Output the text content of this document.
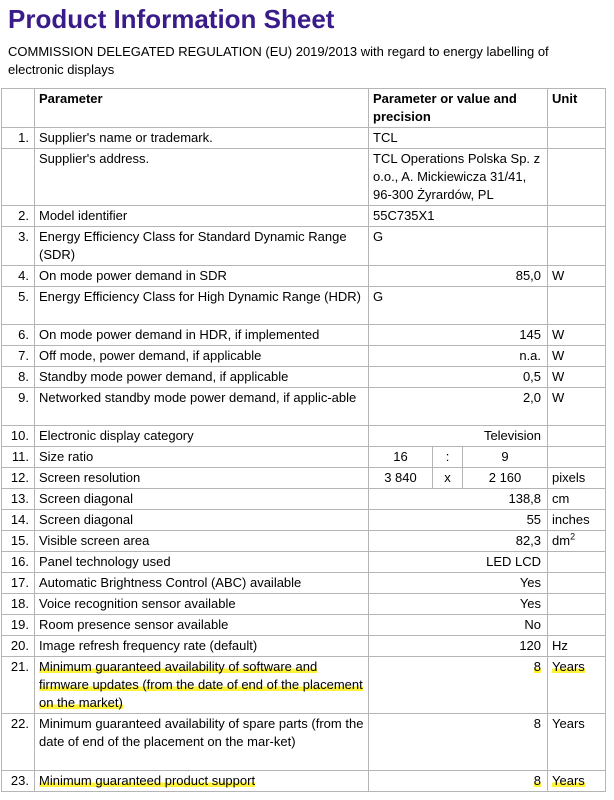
Product Information Sheet
COMMISSION DELEGATED REGULATION (EU) 2019/2013 with regard to energy labelling of electronic displays
	Parameter	Parameter or value and precision			Unit
1.	Supplier's name or trademark.	TCL			
	Supplier's address.	TCL Operations Polska Sp. z o.o., A. Mickiewicza 31/41, 96-300 Żyrardów, PL			
2.	Model identifier	55C735X1			
3.	Energy Efficiency Class for Standard Dynamic Range (SDR)	G			
4.	On mode power demand in SDR	85,0			W
5.	Energy Efficiency Class for High Dynamic Range (HDR)	G			
6.	On mode power demand in HDR, if implemented	145			W
7.	Off mode, power demand, if applicable	n.a.			W
8.	Standby mode power demand, if applicable	0,5			W
9.	Networked standby mode power demand, if applic-able	2,0			W
10.	Electronic display category	Television			
11.	Size ratio	16	:	9	
12.	Screen resolution	3 840	x	2 160	pixels
13.	Screen diagonal	138,8			cm
14.	Screen diagonal	55			inches
15.	Visible screen area	82,3			$dm^2$
16.	Panel technology used	LED LCD			
17.	Automatic Brightness Control (ABC) available	Yes			
18.	Voice recognition sensor available	Yes			
19.	Room presence sensor available	No			
20.	Image refresh frequency rate (default)	120			Hz
21.	Minimum guaranteed availability of software and firmware updates (from the date of end of the placement on the market)	8			Years
22.	Minimum guaranteed availability of spare parts (from the date of end of the placement on the mar-ket)	8			Years
23.	Minimum guaranteed product support	8			Years
